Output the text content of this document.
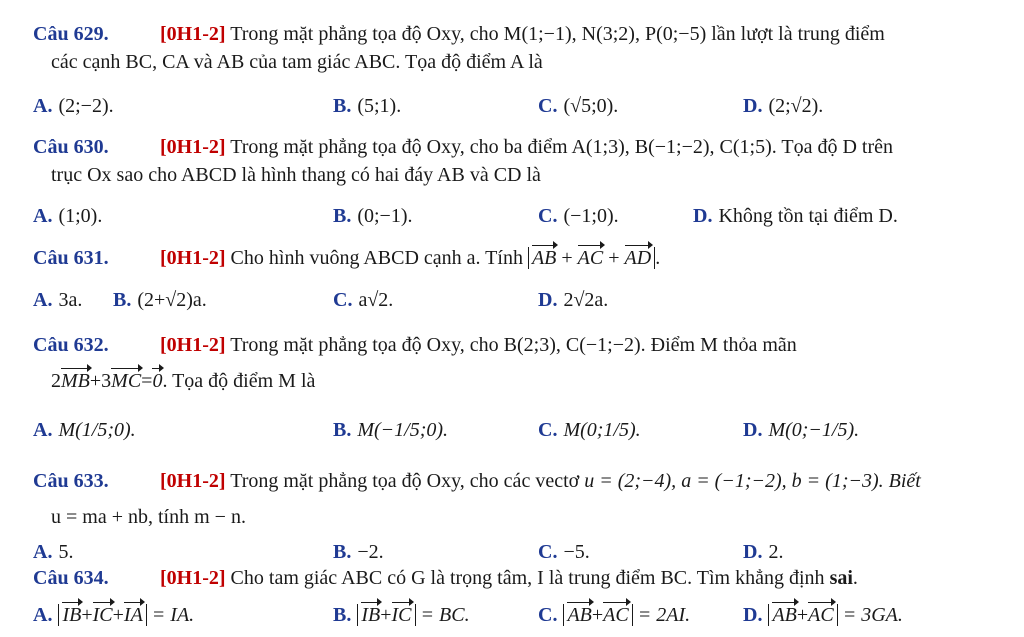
Câu 629.	[0H1-2] Trong mặt phẳng tọa độ Oxy, cho M(1;−1), N(3;2), P(0;−5) lần lượt là trung điểm
các cạnh BC, CA và AB của tam giác ABC. Tọa độ điểm A là
A. (2;−2).	B. (5;1).	C. (√5;0).	D. (2;√2).
Câu 630.	[0H1-2] Trong mặt phẳng tọa độ Oxy, cho ba điểm A(1;3), B(−1;−2), C(1;5). Tọa độ D trên
trục Ox sao cho ABCD là hình thang có hai đáy AB và CD là
A. (1;0).	B. (0;−1).	C. (−1;0).	D. Không tồn tại điểm D.
Câu 631.	[0H1-2] Cho hình vuông ABCD cạnh a. Tính AB + AC + AD .
A. 3a. B. (2+√2)a.	C. a√2.	D. 2√2a.
Câu 632.	[0H1-2] Trong mặt phẳng tọa độ Oxy, cho B(2;3), C(−1;−2). Điểm M thỏa mãn
2MB+3MC=0. Tọa độ điểm M là
A. M(1/5;0).	B. M(−1/5;0).	C. M(0;1/5).	D. M(0;−1/5).
Câu 633.	[0H1-2] Trong mặt phẳng tọa độ Oxy, cho các vectơ u = (2;−4), a = (−1;−2), b = (1;−3). Biết
u = ma + nb, tính m − n.
A. 5.	B. −2.	C. −5.	D. 2.
Câu 634.	[0H1-2] Cho tam giác ABC có G là trọng tâm, I là trung điểm BC. Tìm khẳng định sai.
A. IB+IC+IA = IA.	B. IB+IC = BC.	C. AB+AC = 2AI.	D. AB+AC = 3GA.
